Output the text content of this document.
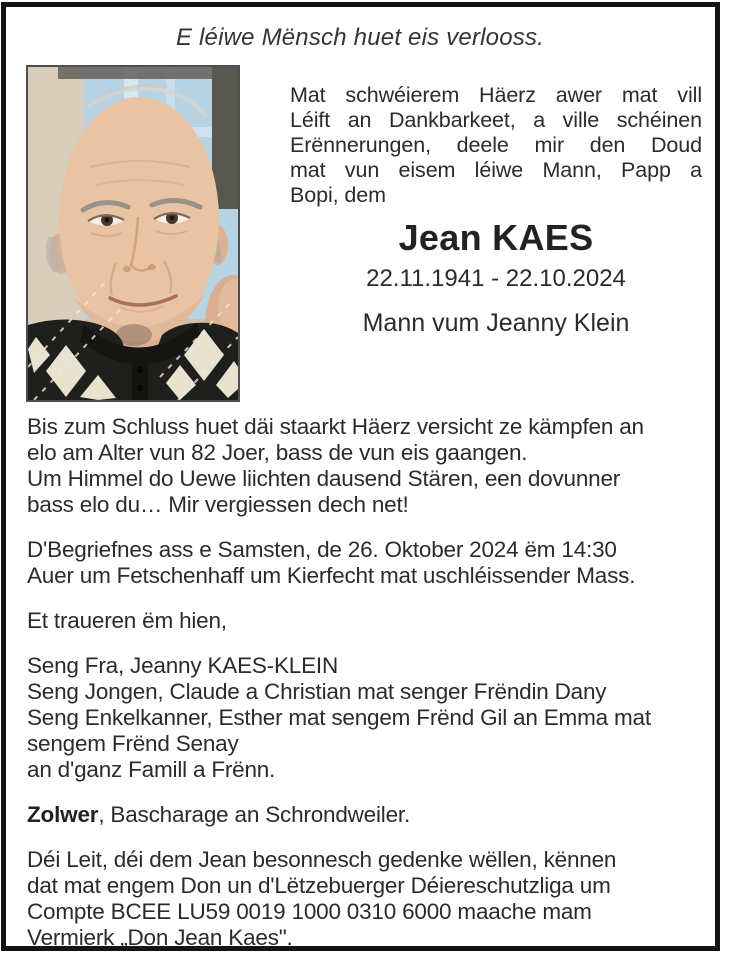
E léiwe Mënsch huet eis verlooss.
Mat schwéierem Häerz awer mat vill
Léift an Dankbarkeet, a ville schéinen
Erënnerungen, deele mir den Doud
mat vun eisem léiwe Mann, Papp a
Bopi, dem
Jean KAES
22.11.1941 - 22.10.2024
Mann vum Jeanny Klein

Bis zum Schluss huet däi staarkt Häerz versicht ze kämpfen an
elo am Alter vun 82 Joer, bass de vun eis gaangen.
Um Himmel do Uewe liichten dausend Stären, een dovunner
bass elo du… Mir vergiessen dech net!

D'Begriefnes ass e Samsten, de 26. Oktober 2024 ëm 14:30
Auer um Fetschenhaff um Kierfecht mat uschléissender Mass.

Et traueren ëm hien,

Seng Fra, Jeanny KAES-KLEIN
Seng Jongen, Claude a Christian mat senger Frëndin Dany
Seng Enkelkanner, Esther mat sengem Frënd Gil an Emma mat
sengem Frënd Senay
an d'ganz Famill a Frënn.

Zolwer, Bascharage an Schrondweiler.

Déi Leit, déi dem Jean besonnesch gedenke wëllen, kënnen
dat mat engem Don un d'Lëtzebuerger Déiereschutzliga um
Compte BCEE LU59 0019 1000 0310 6000 maache mam
Vermierk „Don Jean Kaes".
